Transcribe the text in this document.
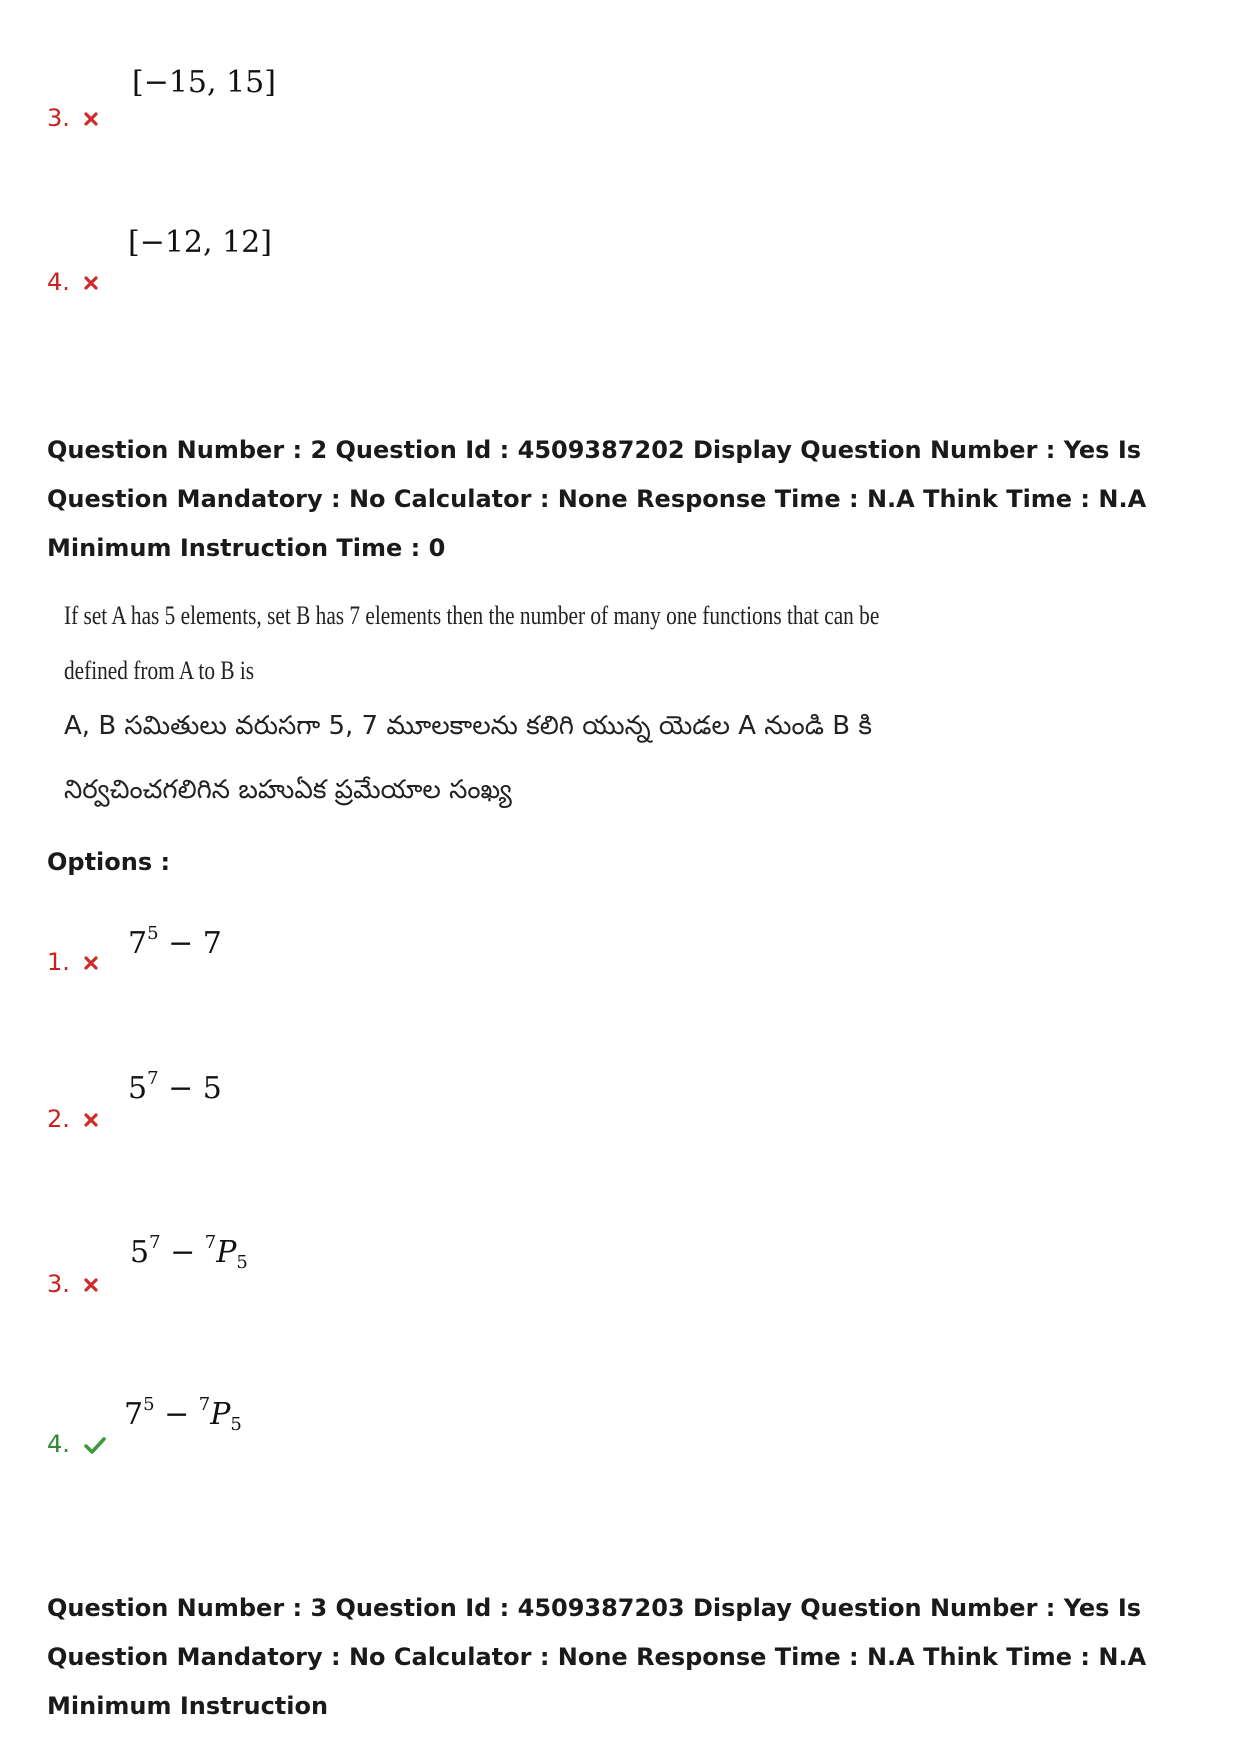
[−15, 15]
3.
[−12, 12]
4.
Question Number : 2 Question Id : 4509387202 Display Question Number : Yes Is Question Mandatory : No Calculator : None Response Time : N.A Think Time : N.A Minimum Instruction Time : 0
If set A has 5 elements, set B has 7 elements then the number of many one functions that can be
defined from A to B is
A, B సమితులు వరుసగా 5, 7 మూలకాలను కలిగి యున్న యెడల A నుండి B కి
నిర్వచించగలిగిన బహుఏక ప్రమేయాల సంఖ్య
Options :
$7^5 - 7$
1.
$5^7 - 5$
2.
$5^7 - ^7P_5$
3.
$7^5 - ^7P_5$
4.
Question Number : 3 Question Id : 4509387203 Display Question Number : Yes Is Question Mandatory : No Calculator : None Response Time : N.A Think Time : N.A Minimum Instruction
